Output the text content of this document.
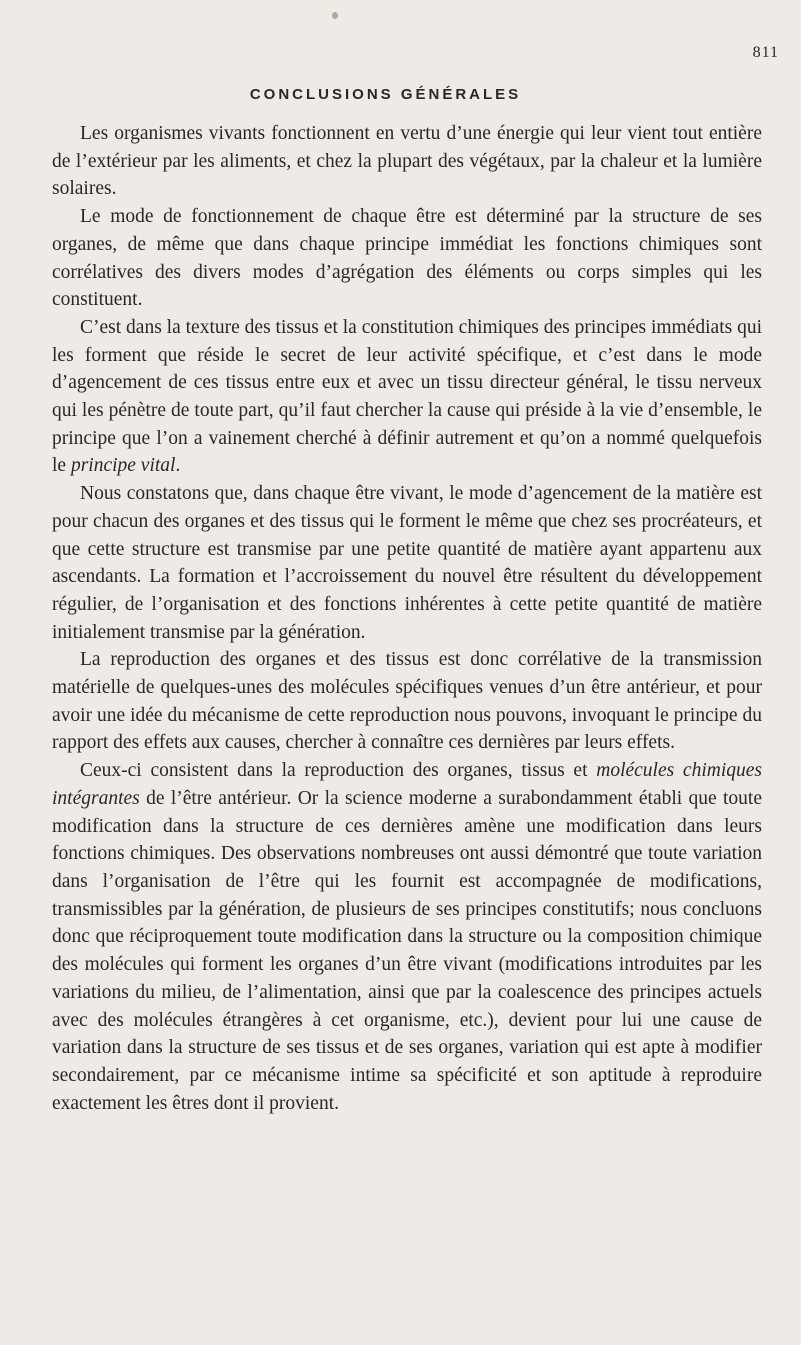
811
CONCLUSIONS GÉNÉRALES

Les organismes vivants fonctionnent en vertu d’une énergie qui leur vient tout entière de l’extérieur par les aliments, et chez la plupart des végétaux, par la chaleur et la lumière solaires.

Le mode de fonctionnement de chaque être est déterminé par la structure de ses organes, de même que dans chaque principe immédiat les fonctions chimiques sont corrélatives des divers modes d’agrégation des éléments ou corps simples qui les constituent.

C’est dans la texture des tissus et la constitution chimiques des principes immédiats qui les forment que réside le secret de leur activité spécifique, et c’est dans le mode d’agencement de ces tissus entre eux et avec un tissu directeur général, le tissu nerveux qui les pénètre de toute part, qu’il faut chercher la cause qui préside à la vie d’ensemble, le principe que l’on a vainement cherché à définir autrement et qu’on a nommé quelquefois le principe vital.

Nous constatons que, dans chaque être vivant, le mode d’agencement de la matière est pour chacun des organes et des tissus qui le forment le même que chez ses procréateurs, et que cette structure est transmise par une petite quantité de matière ayant appartenu aux ascendants. La formation et l’accroissement du nouvel être résultent du développement régulier, de l’organisation et des fonctions inhérentes à cette petite quantité de matière initialement transmise par la génération.

La reproduction des organes et des tissus est donc corrélative de la transmission matérielle de quelques-unes des molécules spécifiques venues d’un être antérieur, et pour avoir une idée du mécanisme de cette reproduction nous pouvons, invoquant le principe du rapport des effets aux causes, chercher à connaître ces dernières par leurs effets.

Ceux-ci consistent dans la reproduction des organes, tissus et molécules chimiques intégrantes de l’être antérieur. Or la science moderne a surabondamment établi que toute modification dans la structure de ces dernières amène une modification dans leurs fonctions chimiques. Des observations nombreuses ont aussi démontré que toute variation dans l’organisation de l’être qui les fournit est accompagnée de modifications, transmissibles par la génération, de plusieurs de ses principes constitutifs; nous concluons donc que réciproquement toute modification dans la structure ou la composition chimique des molécules qui forment les organes d’un être vivant (modifications introduites par les variations du milieu, de l’alimentation, ainsi que par la coalescence des principes actuels avec des molécules étrangères à cet organisme, etc.), devient pour lui une cause de variation dans la structure de ses tissus et de ses organes, variation qui est apte à modifier secondairement, par ce mécanisme intime sa spécificité et son aptitude à reproduire exactement les êtres dont il provient.
